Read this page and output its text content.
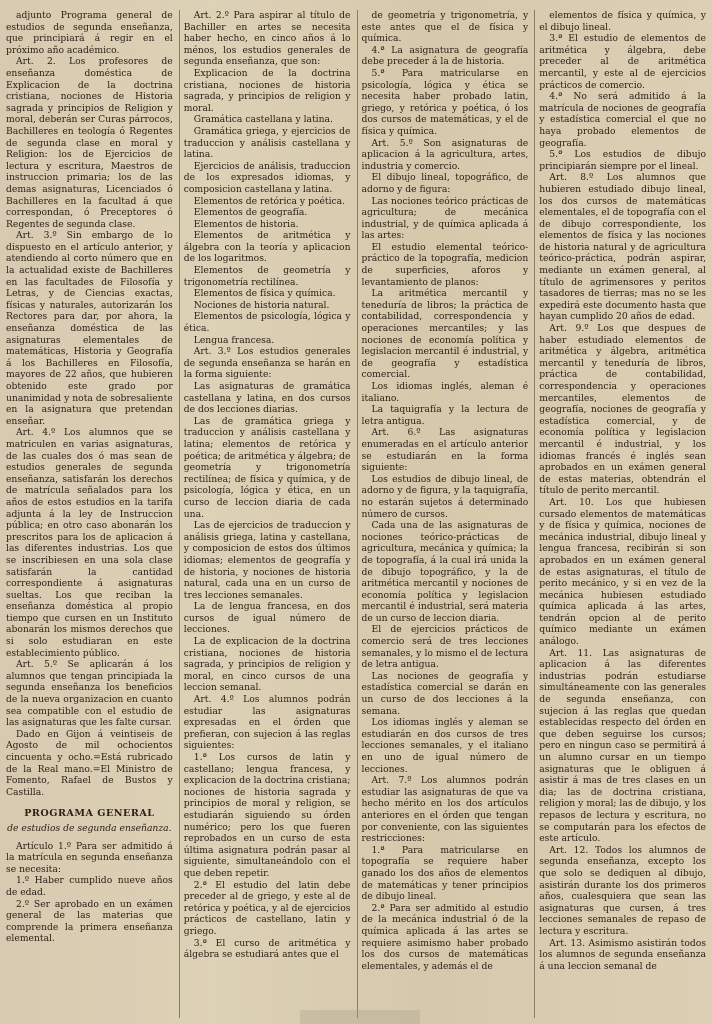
adjunto Programa general de estudios de segunda enseñanza, que principiará á regir en el próximo año académico.

Art. 2. Los profesores de enseñanza doméstica de Explicacion de la doctrina cristiana, nociones de Historia sagrada y principios de Religion y moral, deberán ser Curas párrocos, Bachilleres en teología ó Regentes de segunda clase en moral y Religion: los de Ejercicios de lectura y escritura, Maestros de instruccion primaria; los de las demas asignaturas, Licenciados ó Bachilleres en la facultad á que correspondan, ó Preceptores ó Regentes de segunda clase.

Art. 3.º Sin embargo de lo dispuesto en el artículo anterior, y atendiendo al corto número que en la actualidad existe de Bachilleres en las facultades de Filosofía y Letras, y de Ciencias exactas, físicas y naturales, autorizarán los Rectores para dar, por ahora, la enseñanza doméstica de las asignaturas elementales de matemáticas, Historia y Geografía á los Bachilleres en Filosofía, mayores de 22 años, que hubieren obtenido este grado por unanimidad y nota de sobresaliente en la asignatura que pretendan enseñar.

Art. 4.º Los alumnos que se matriculen en varias asignaturas, de las cuales dos ó mas sean de estudios generales de segunda enseñanza, satisfarán los derechos de matrícula señalados para los años de estos estudios en la tarifa adjunta á la ley de Instruccion pública; en otro caso abonarán los prescritos para los de aplicacion á las diferentes industrias. Los que se inscribiesen en una sola clase satisfarán la cantidad correspondiente á asignaturas sueltas. Los que reciban la enseñanza doméstica al propio tiempo que cursen en un Instituto abonarán los mismos derechos que si solo estudiaran en este establecimiento público.

Art. 5.º Se aplicarán á los alumnos que tengan principiada la segunda enseñanza los beneficios de la nueva organizacion en cuanto sea compatible con el estudio de las asignaturas que les falte cursar.

Dado en Gijon á veintiseis de Agosto de mil ochocientos cincuenta y ocho.=Está rubricado de la Real mano.=El Ministro de Fomento, Rafael de Bustos y Castilla.

PROGRAMA GENERAL

de estudios de segunda enseñanza.

Artículo 1.º Para ser admitido á la matrícula en segunda enseñanza se necesita:

1.º Haber cumplido nueve años de edad.

2.º Ser aprobado en un exámen general de las materias que comprende la primera enseñanza elemental.

Art. 2.º Para aspirar al título de Bachiller en artes se necesita haber hecho, en cinco años á lo ménos, los estudios generales de segunda enseñanza, que son:

Explicacion de la doctrina cristiana, nociones de historia sagrada, y principios de religion y moral.

Gramática castellana y latina.

Gramática griega, y ejercicios de traduccion y análisis castellana y latina.

Ejercicios de análisis, traduccion de los expresados idiomas, y composicion castellana y latina.

Elementos de retórica y poética.

Elementos de geografía.

Elementos de historia.

Elementos de aritmética y álgebra con la teoría y aplicacion de los logaritmos.

Elementos de geometría y trigonometría rectilínea.

Elementos de física y química.

Nociones de historia natural.

Elementos de psicología, lógica y ética.

Lengua francesa.

Art. 3.º Los estudios generales de segunda enseñanza se harán en la forma siguiente:

Las asignaturas de gramática castellana y latina, en dos cursos de dos lecciones diarias.

Las de gramática griega y traduccion y análisis castellana y latina; elementos de retórica y poética; de aritmética y álgebra; de geometría y trigonometría rectilínea; de física y química, y de psicología, lógica y ética, en un curso de leccion diaria de cada una.

Las de ejercicios de traduccion y análisis griega, latina y castellana, y composicion de estos dos últimos idiomas; elementos de geografía y de historia, y nociones de historia natural, cada una en un curso de tres lecciones semanales.

La de lengua francesa, en dos cursos de igual número de lecciones.

La de explicacion de la doctrina cristiana, nociones de historia sagrada, y principios de religion y moral, en cinco cursos de una leccion semanal.

Art. 4.º Los alumnos podrán estudiar las asignaturas expresadas en el órden que prefieran, con sujecion á las reglas siguientes:

1.ª Los cursos de latin y castellano; lengua francesa, y explicacion de la doctrina cristiana; nociones de historia sagrada y principios de moral y religion, se estudiarán siguiendo su órden numérico; pero los que fueren reprobados en un curso de esta última asignatura podrán pasar al siguiente, simultaneándolo con el que deben repetir.

2.ª El estudio del latin debe preceder al de griego, y este al de retórica y poética, y al de ejercicios prácticos de castellano, latin y griego.

3.ª El curso de aritmética y álgebra se estudiará antes que el

de geometría y trigonometría, y este antes que el de física y química.

4.ª La asignatura de geografía debe preceder á la de historia.

5.ª Para matricularse en psicología, lógica y ética se necesita haber probado latin, griego, y retórica y poética, ó los dos cursos de matemáticas, y el de física y química.

Art. 5.º Son asignaturas de aplicacion á la agricultura, artes, industria y comercio.

El dibujo lineal, topográfico, de adorno y de figura:

Las nociones teórico prácticas de agricultura; de mecánica industrial, y de química aplicada á las artes:

El estudio elemental teórico-práctico de la topografía, medicion de superficies, aforos y levantamiento de planos:

La aritmética mercantil y teneduría de libros; la práctica de contabilidad, correspondencia y operaciones mercantiles; y las nociones de economía política y legislacion mercantil é industrial, y de geografía y estadística comercial.

Los idiomas inglés, aleman é italiano.

La taquigrafía y la lectura de letra antigua.

Art. 6.º Las asignaturas enumeradas en el artículo anterior se estudiarán en la forma siguiente:

Los estudios de dibujo lineal, de adorno y de figura, y la taquigrafía, no estarán sujetos á determinado número de cursos.

Cada una de las asignaturas de nociones teórico-prácticas de agricultura, mecánica y química; la de topografía, á la cual irá unida la de dibujo topográfico, y la de aritmética mercantil y nociones de economía política y legislacion mercantil é industrial, será materia de un curso de leccion diaria.

El de ejercicios prácticos de comercio será de tres lecciones semanales, y lo mismo el de lectura de letra antigua.

Las nociones de geografía y estadística comercial se darán en un curso de dos lecciones á la semana.

Los idiomas inglés y aleman se estudiarán en dos cursos de tres lecciones semanales, y el italiano en uno de igual número de lecciones.

Art. 7.º Los alumnos podrán estudiar las asignaturas de que va hecho mérito en los dos artículos anteriores en el órden que tengan por conveniente, con las siguientes restricciones:

1.ª Para matricularse en topografía se requiere haber ganado los dos años de elementos de matemáticas y tener principios de dibujo lineal.

2.ª Para ser admitido al estudio de la mecánica industrial ó de la química aplicada á las artes se requiere asimismo haber probado los dos cursos de matemáticas elementales, y además el de

elementos de física y química, y el dibujo lineal.

3.ª El estudio de elementos de aritmética y álgebra, debe preceder al de aritmética mercantil, y este al de ejercicios prácticos de comercio.

4.ª No será admitido á la matrícula de nociones de geografía y estadística comercial el que no haya probado elementos de geografía.

5.ª Los estudios de dibujo principiarán siempre por el lineal.

Art. 8.º Los alumnos que hubieren estudiado dibujo lineal, los dos cursos de matemáticas elementales, el de topografía con el de dibujo correspondiente, los elementos de física y las nociones de historia natural y de agricultura teórico-práctica, podrán aspirar, mediante un exámen general, al título de agrimensores y peritos tasadores de tierras; mas no se les expedirá este documento hasta que hayan cumplido 20 años de edad.

Art. 9.º Los que despues de haber estudiado elementos de aritmética y álgebra, aritmética mercantil y teneduría de libros, práctica de contabilidad, correspondencia y operaciones mercantiles, elementos de geografía, nociones de geografía y estadística comercial, y de economía política y legislacion mercantil é industrial, y los idiomas francés é inglés sean aprobados en un exámen general de estas materias, obtendrán el título de perito mercantil.

Art. 10. Los que hubiesen cursado elementos de matemáticas y de física y química, nociones de mecánica industrial, dibujo lineal y lengua francesa, recibirán si son aprobados en un exámen general de estas asignaturas, el título de perito mecánico, y si en vez de la mecánica hubiesen estudiado química aplicada á las artes, tendrán opcion al de perito químico mediante un exámen análogo.

Art. 11. Las asignaturas de aplicacion á las diferentes industrias podrán estudiarse simultáneamente con las generales de segunda enseñanza, con sujecion á las reglas que quedan establecidas respecto del órden en que deben seguirse los cursos; pero en ningun caso se permitirá á un alumno cursar en un tiempo asignaturas que le obliguen á asistir á mas de tres clases en un dia; las de doctrina cristiana, religion y moral; las de dibujo, y los repasos de lectura y escritura, no se computarán para los efectos de este artículo.

Art. 12. Todos los alumnos de segunda enseñanza, excepto los que solo se dediquen al dibujo, asistirán durante los dos primeros años, cualesquiera que sean las asignaturas que cursen, á tres lecciones semanales de repaso de lectura y escritura.

Art. 13. Asimismo asistirán todos los alumnos de segunda enseñanza á una leccion semanal de
